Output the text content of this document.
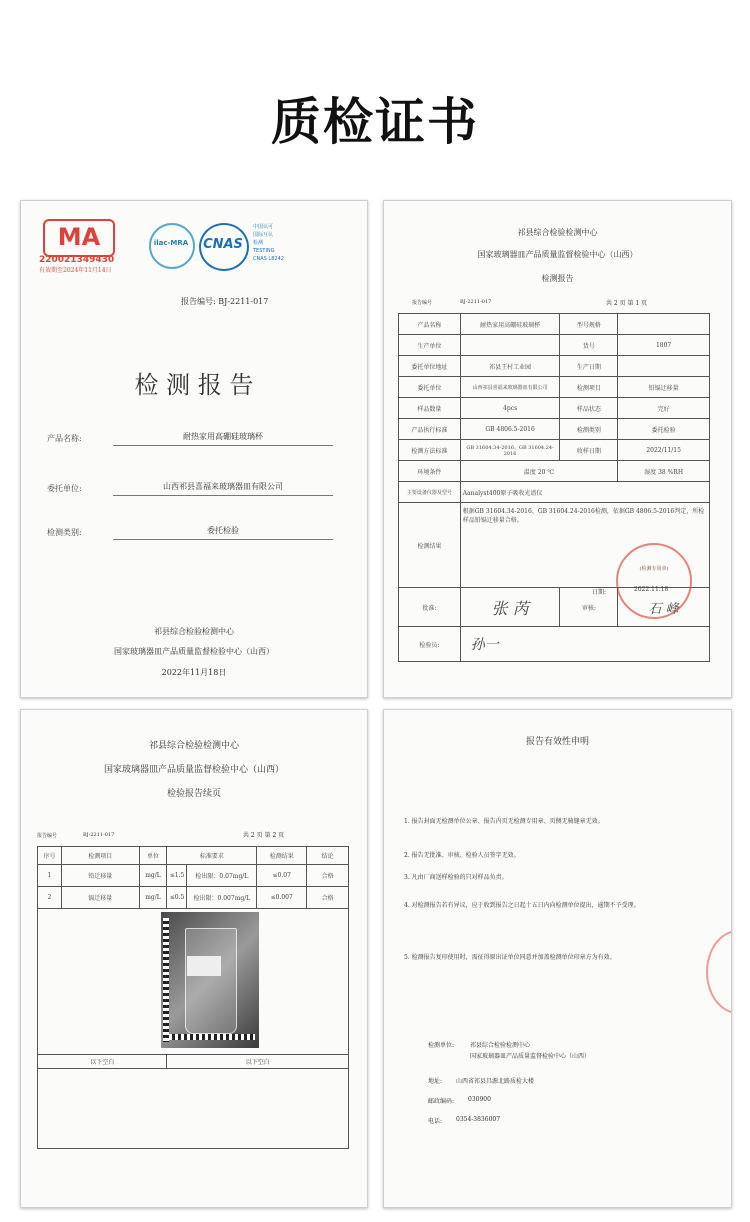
质检证书
MA
220021349430
有效期至2024年11月14日
ilac-MRA	CNAS
中国认可
国际互认
检测
TESTING
CNAS L8242
报告编号: BJ-2211-017
检 测 报 告
产品名称:	耐热家用高硼硅玻璃杯
委托单位:	山西祁县喜福来玻璃器皿有限公司
检测类别:	委托检验
祁县综合检验检测中心
国家玻璃器皿产品质量监督检验中心（山西）
2022年11月18日
祁县综合检验检测中心
国家玻璃器皿产品质量监督检验中心（山西）
检测报告
报告编号	BJ-2211-017	共 2 页 第 1 页
产品名称	耐热家用高硼硅玻璃杯	型号规格	
生产单位		货号	1807
委托单位地址	祁县王村工业园	生产日期	
委托单位	山西祁县喜福来玻璃器皿有限公司	检测项目	铅镉迁移量
样品数量	4pcs	样品状态	完好
产品执行标准	GB 4806.5-2016	检测类别	委托检验
检测方法标准	GB 31604.34-2016、GB 31604.24-2016	收样日期	2022/11/15
环境条件	温度 20 ℃		湿度 38 %RH
主要设备仪器及型号	Aanalyst400原子吸收光谱仪		
检测结果	根据GB 31604.34-2016、GB 31604.24-2016检测，依据GB 4806.5-2016判定，所检样品铅镉迁移量合格。		

批准:	张 芮	审核:	石 峰
检验员:	孙一		
(检测专用章)
日期:	2022.11.18
祁县综合检验检测中心
国家玻璃器皿产品质量监督检验中心（山西）
检验报告续页
报告编号	BJ-2211-017	共 2 页 第 2 页
序号	检测项目	单位	标准要求		检测结果	结论
1	铅迁移量	mg/L	≤1.5	检出限：0.07mg/L	≤0.07	合格
2	镉迁移量	mg/L	≤0.5	检出限：0.007mg/L	≤0.007	合格

以下空白			以下空白			

报告有效性申明
1. 报告封面无检测单位公章、报告内页无检测专用章、页侧无骑缝章无效。
2. 报告无批准、审核、检验人员签字无效。
3. 凡由厂商送样检验的只对样品负责。
4. 对检测报告若有异议，应于收到报告之日起十五日内向检测单位提出，逾期不予受理。
5. 检测报告复印使用时，需征得原出证单位同意并加盖检测单位印章方为有效。
检测单位:	祁县综合检验检测中心
国家玻璃器皿产品质量监督检验中心（山西）
地址: 山西省祁县昌源北路质检大楼
邮政编码: 030900
电话: 0354-3836007
